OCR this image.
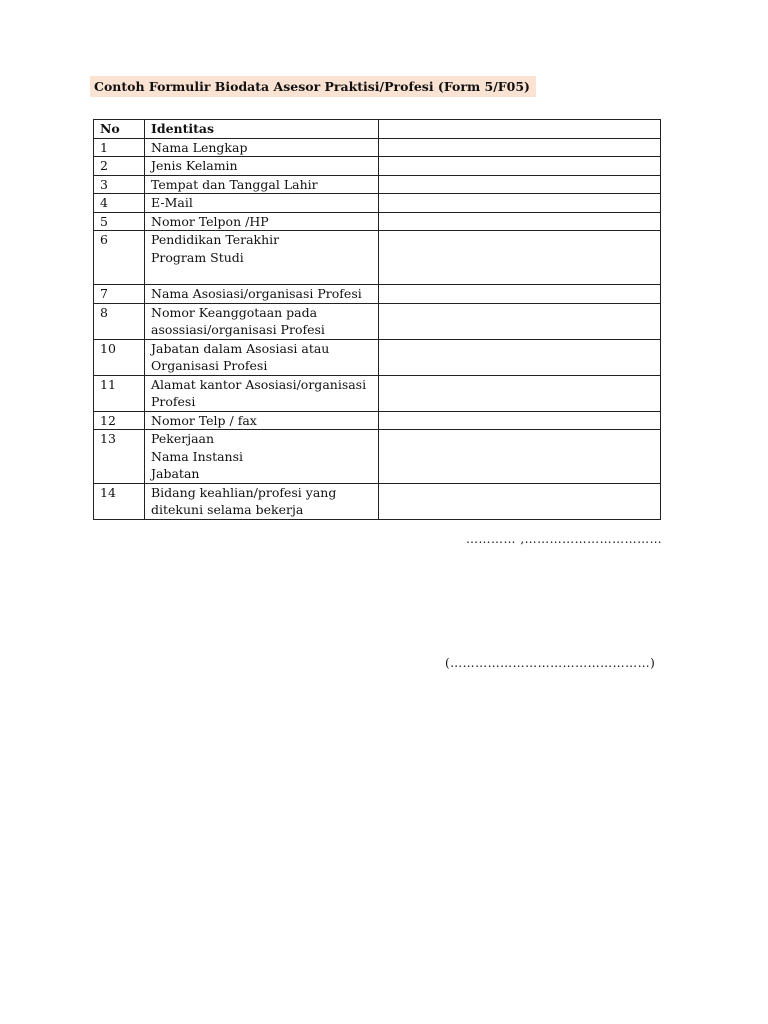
Contoh Formulir Biodata Asesor Praktisi/Profesi (Form 5/F05)
No	Identitas	
1	Nama Lengkap	
2	Jenis Kelamin	
3	Tempat dan Tanggal Lahir	
4	E-Mail	
5	Nomor Telpon /HP	
6	Pendidikan Terakhir
Program Studi	

7	Nama Asosiasi/organisasi Profesi	
8	Nomor Keanggotaan pada
asossiasi/organisasi Profesi	

10	Jabatan dalam Asosiasi atau
Organisasi Profesi	

11	Alamat kantor Asosiasi/organisasi
Profesi	

12	Nomor Telp / fax	
13	Pekerjaan
Nama Instansi
Jabatan	

14	Bidang keahlian/profesi yang
ditekuni selama bekerja	

………… ,……………………………
(…………………………………………)
